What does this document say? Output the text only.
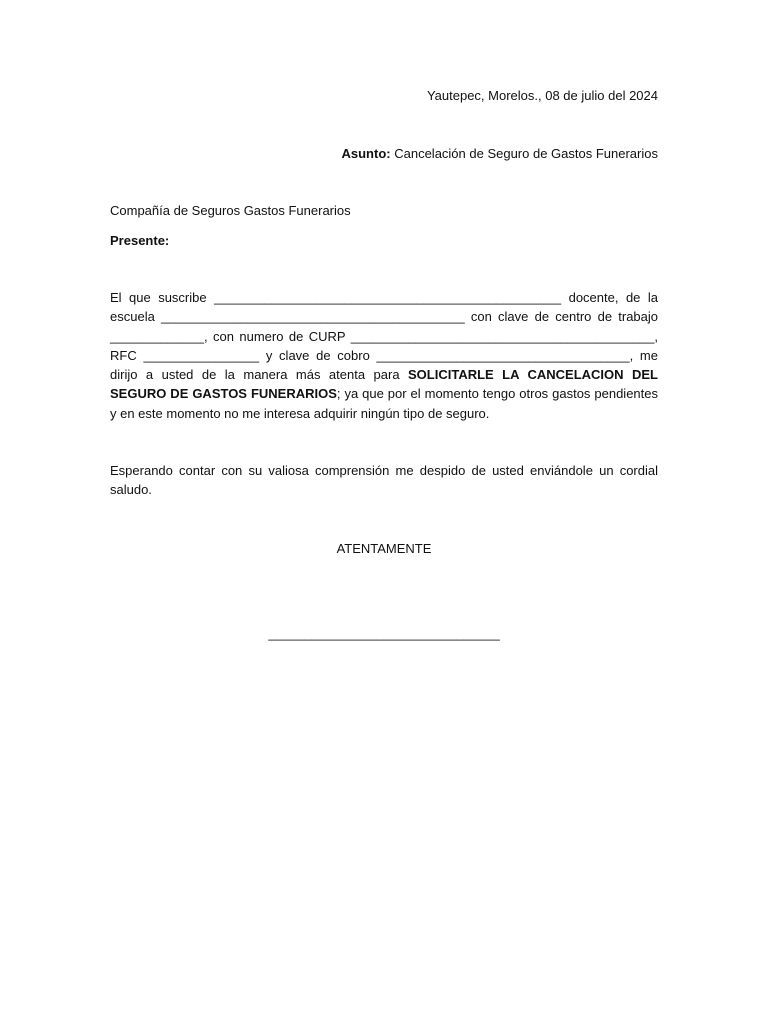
Yautepec, Morelos., 08 de julio del 2024
Asunto: Cancelación de Seguro de Gastos Funerarios
Compañía de Seguros Gastos Funerarios
Presente:
El que suscribe ________________________________________________ docente, de la escuela __________________________________________ con clave de centro de trabajo _____________, con numero de CURP __________________________________________, RFC ________________ y clave de cobro ___________________________________, me dirijo a usted de la manera más atenta para SOLICITARLE LA CANCELACION DEL SEGURO DE GASTOS FUNERARIOS; ya que por el momento tengo otros gastos pendientes y en este momento no me interesa adquirir ningún tipo de seguro.
Esperando contar con su valiosa comprensión me despido de usted enviándole un cordial saludo.
ATENTAMENTE
________________________________
